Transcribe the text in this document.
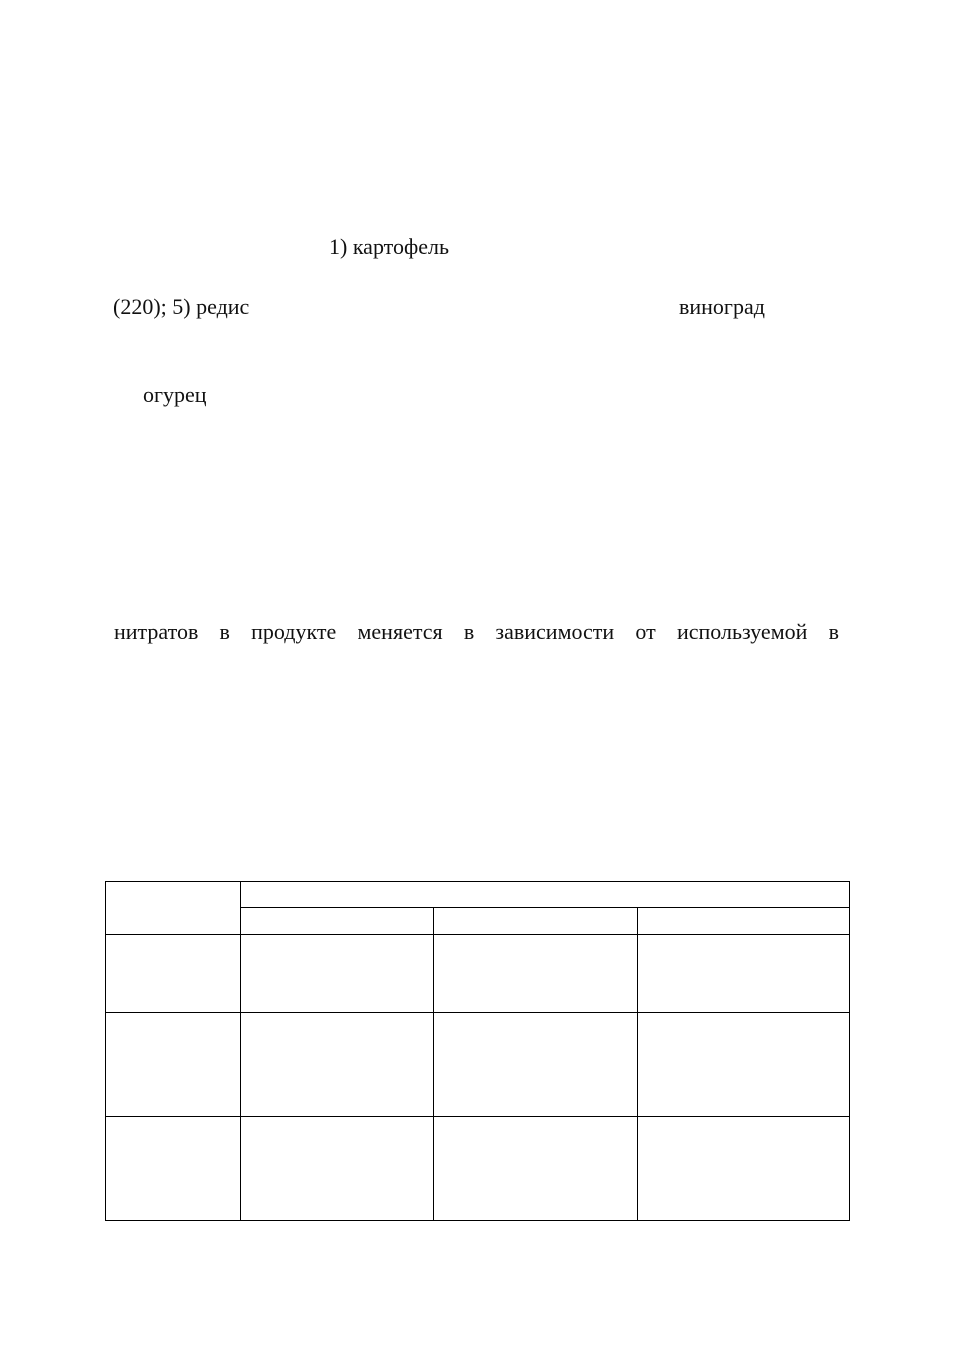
1) картофель
(220); 5) редис	виноград
огурец
нитратов в продукте меняется в зависимости от используемой в
